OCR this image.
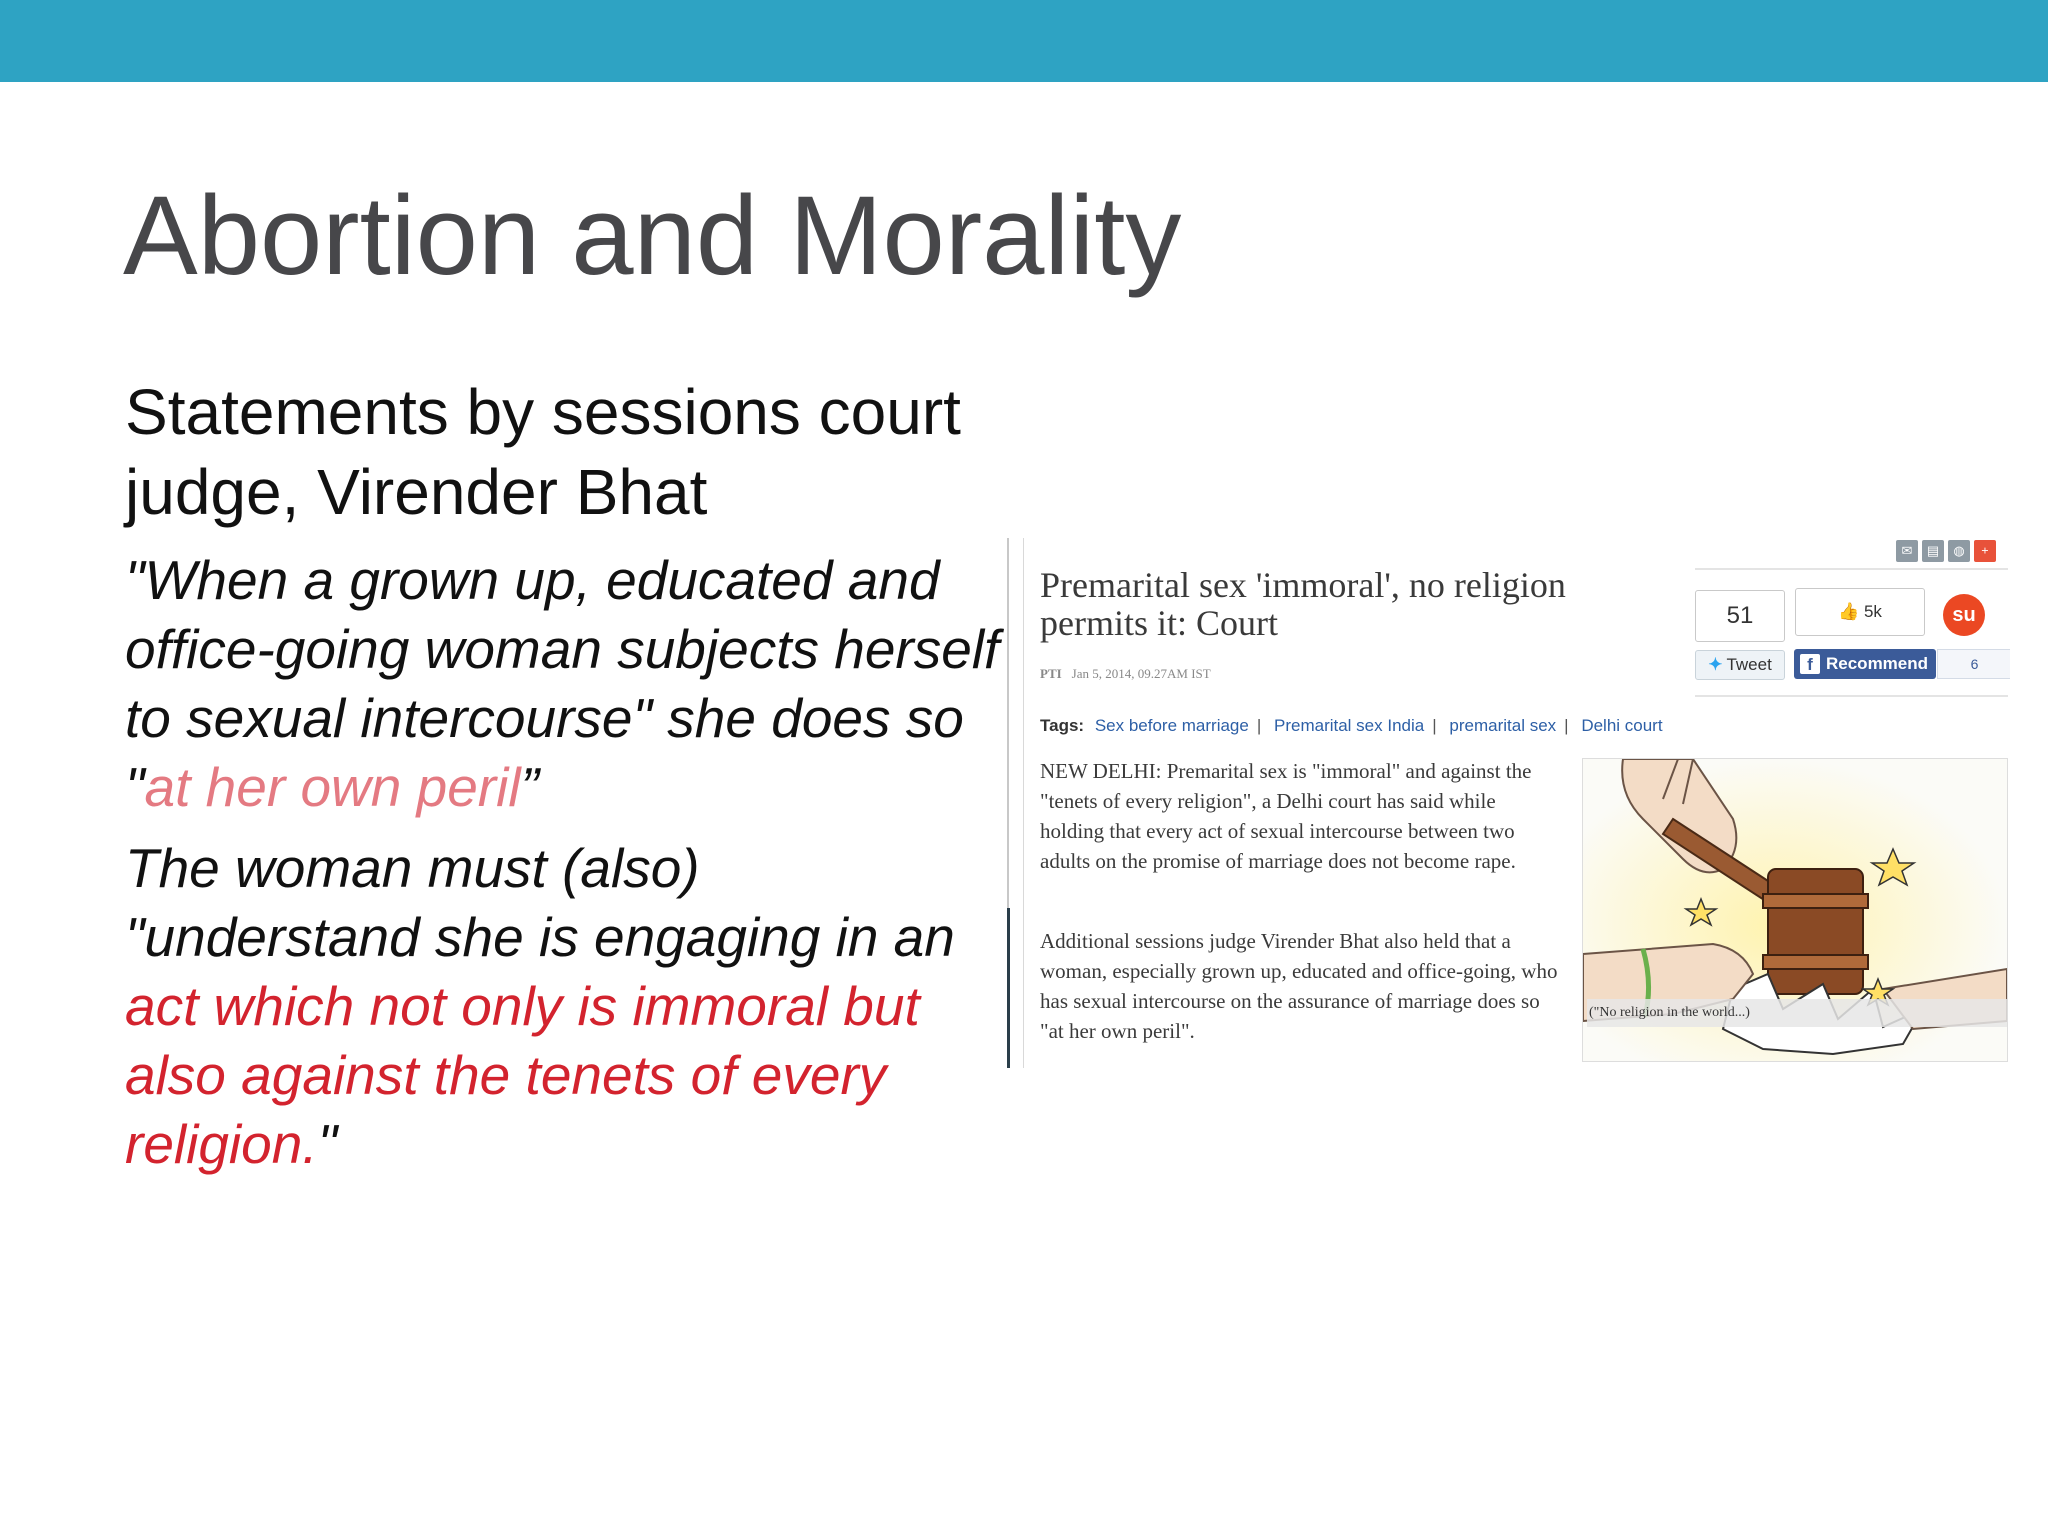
Abortion and Morality

Statements by sessions court judge, Virender Bhat

"When a grown up, educated and office-going woman subjects herself to sexual intercourse" she does so "at her own peril”

The woman must (also) "understand she is engaging in an act which not only is immoral but also against the tenets of every religion."

✉	▤	◍	+
Premarital sex 'immoral', no religion permits it: Court
PTI Jan 5, 2014, 09.27AM IST
51	👍 5k	su
✦ Tweet	f Recommend	6
Tags: Sex before marriage | Premarital sex India | premarital sex | Delhi court

NEW DELHI: Premarital sex is "immoral" and against the "tenets of every religion", a Delhi court has said while holding that every act of sexual intercourse between two adults on the promise of marriage does not become rape.

Additional sessions judge Virender Bhat also held that a woman, especially grown up, educated and office-going, who has sexual intercourse on the assurance of marriage does so "at her own peril".

("No religion in the world...)
